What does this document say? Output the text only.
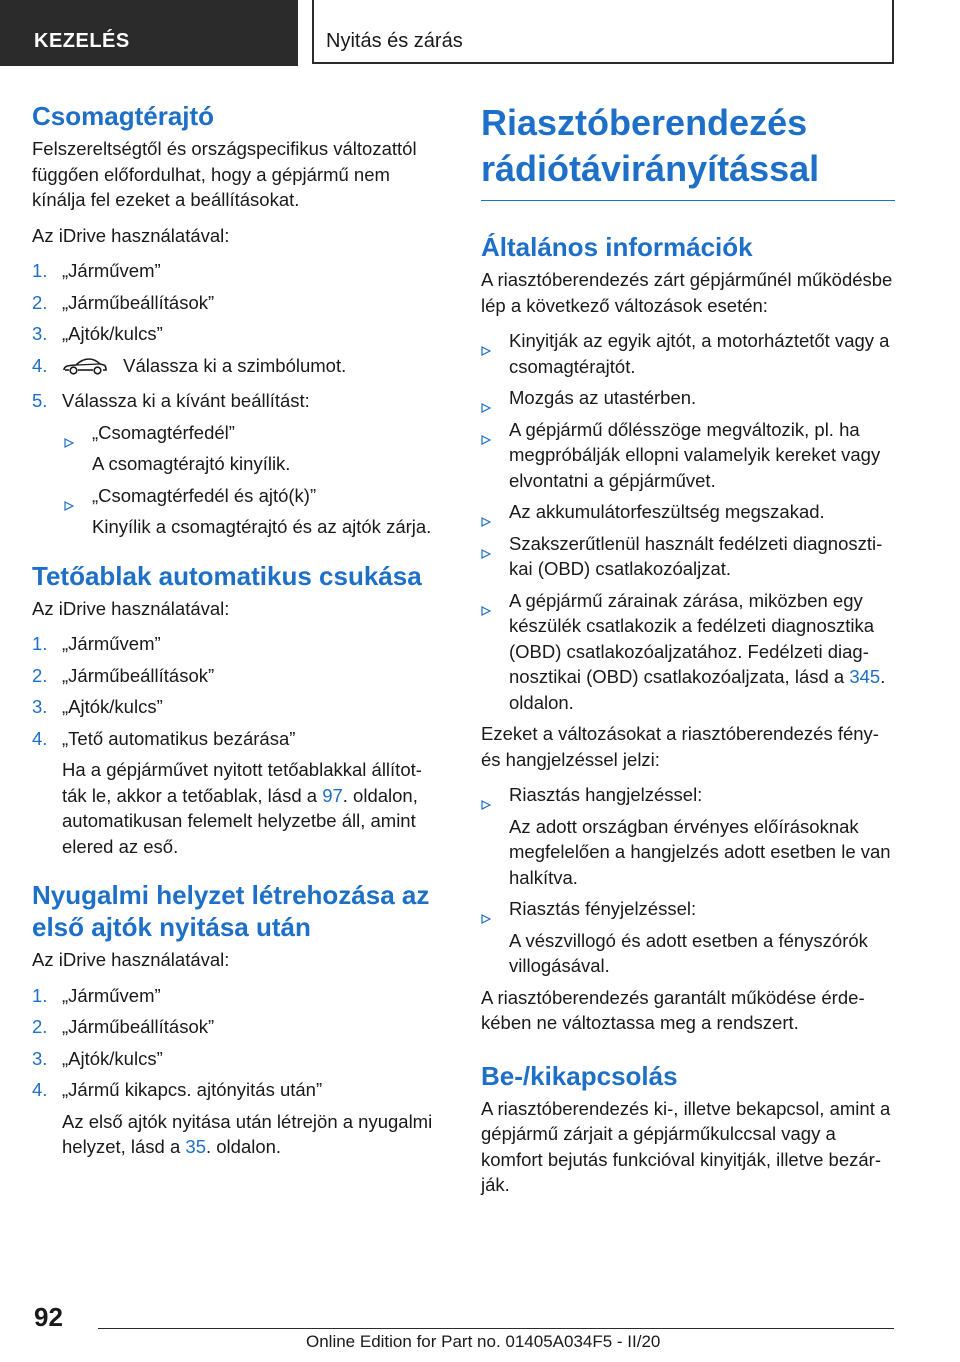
KEZELÉS	Nyitás és zárás
Csomagtérajtó

Felszereltségtől és országspecifikus változattól függően előfordulhat, hogy a gépjármű nem kínálja fel ezeket a beállításokat.

Az iDrive használatával:

1. „Járművem”
2. „Járműbeállítások”
3. „Ajtók/kulcs”
4.	Válassza ki a szimbólumot.
5. Válassza ki a kívánt beállítást:
„Csomagtérfedél”
A csomagtérajtó kinyílik.
„Csomagtérfedél és ajtó(k)”
Kinyílik a csomagtérajtó és az ajtók zárja.
Tetőablak automatikus csukása

Az iDrive használatával:

1. „Járművem”
2. „Járműbeállítások”
3. „Ajtók/kulcs”
4. „Tető automatikus bezárása”
Ha a gépjárművet nyitott tetőablakkal állították le, akkor a tetőablak, lásd a 97. oldalon, automatikusan felemelt helyzetbe áll, amint elered az eső.
Nyugalmi helyzet létrehozása az első ajtók nyitása után

Az iDrive használatával:

1. „Járművem”
2. „Járműbeállítások”
3. „Ajtók/kulcs”
4. „Jármű kikapcs. ajtónyitás után”
Az első ajtók nyitása után létrejön a nyugalmi helyzet, lásd a 35. oldalon.
Riasztóberendezés rádiótávirányítással
Általános információk

A riasztóberendezés zárt gépjárműnél működésbe lép a következő változások esetén:

Kinyitják az egyik ajtót, a motorháztetőt vagy a csomagtérajtót.
Mozgás az utastérben.
A gépjármű dőlésszöge megváltozik, pl. ha megpróbálják ellopni valamelyik kereket vagy elvontatni a gépjárművet.
Az akkumulátorfeszültség megszakad.
Szakszerűtlenül használt fedélzeti diagnosztikai (OBD) csatlakozóaljzat.
A gépjármű zárainak zárása, miközben egy készülék csatlakozik a fedélzeti diagnosztika (OBD) csatlakozóaljzatához. Fedélzeti diagnosztikai (OBD) csatlakozóaljzata, lásd a 345. oldalon.

Ezeket a változásokat a riasztóberendezés fény- és hangjelzéssel jelzi:

Riasztás hangjelzéssel:
Az adott országban érvényes előírásoknak megfelelően a hangjelzés adott esetben le van halkítva.
Riasztás fényjelzéssel:
A vészvillogó és adott esetben a fényszórók villogásával.

A riasztóberendezés garantált működése érdekében ne változtassa meg a rendszert.

Be-/kikapcsolás

A riasztóberendezés ki-, illetve bekapcsol, amint a gépjármű zárjait a gépjárműkulccsal vagy a komfort bejutás funkcióval kinyitják, illetve bezárják.

92
Online Edition for Part no. 01405A034F5 - II/20
